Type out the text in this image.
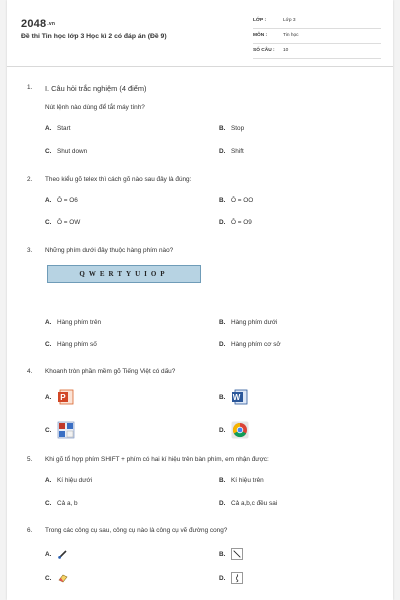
2048.vn
Đề thi Tin học lớp 3 Học kì 2 có đáp án (Đề 9)
LỚP :	Lớp 3
MÔN :	Tin học
SỐ CÂU : 10
1. I. Câu hỏi trắc nghiệm (4 điểm)
Nút lệnh nào dùng để tắt máy tính?
A. Start	B. Stop
C. Shut down	D. Shift
2. Theo kiểu gõ telex thì cách gõ nào sau đây là đúng:
A. Ô = O6	B. Ô = OO
C. Ô = OW	D. Ô = O9
3. Những phím dưới đây thuộc hàng phím nào?
QWERTYUIOP
A. Hàng phím trên	B. Hàng phím dưới
C. Hàng phím số	D. Hàng phím cơ sở
4. Khoanh tròn phần mềm gõ Tiếng Việt có dấu?
A.	P	B. W
C.	D.
5. Khi gõ tổ hợp phím SHIFT + phím có hai kí hiệu trên bàn phím, em nhận được:
A. Kí hiệu dưới	B. Kí hiệu trên
C. Cả a, b	D. Cả a,b,c đều sai
6. Trong các công cụ sau, công cụ nào là công cụ vẽ đường cong?
A.	B.
C.	D.
